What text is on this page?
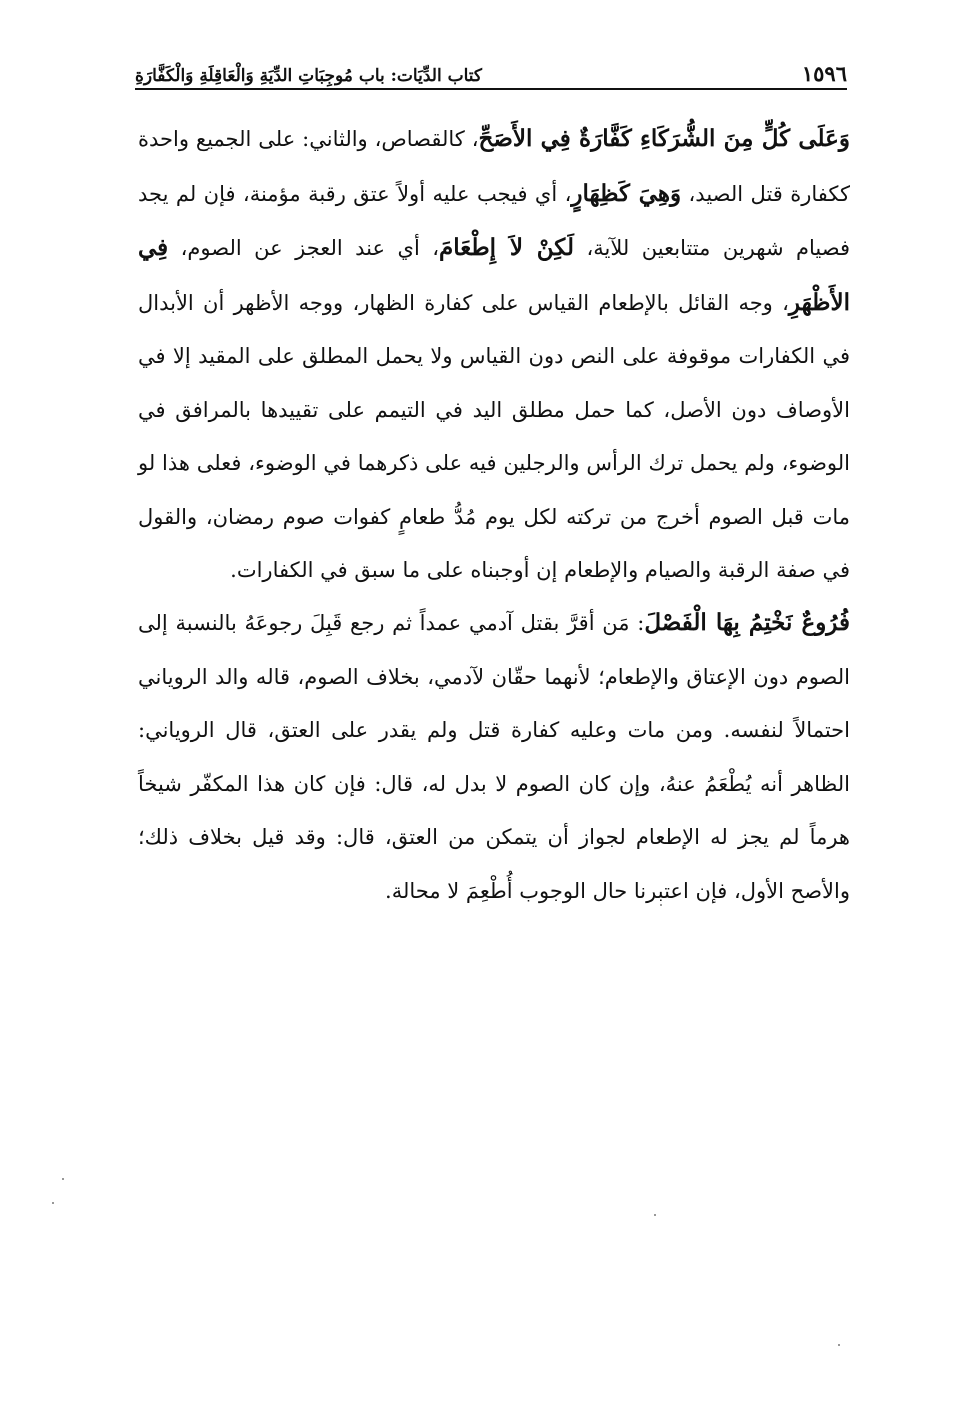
١٥٩٦
كتاب الدِّيَات: باب مُوجِبَاتِ الدِّيَةِ وَالْعَاقِلَةِ وَالْكَفَّارَةِ

وَعَلَى كُلٍّ مِنَ الشُّرَكَاءِ كَفَّارَةٌ فِي الأَصَحِّ، كالقصاص، والثاني: على الجميع واحدة ككفارة قتل الصيد، وَهِيَ كَظِهَارٍ، أي فيجب عليه أولاً عتق رقبة مؤمنة، فإن لم يجد فصيام شهرين متتابعين للآية، لَكِنْ لاَ إِطْعَامَ، أي عند العجز عن الصوم، فِي الأَظْهَرِ، وجه القائل بالإطعام القياس على كفارة الظهار، ووجه الأظهر أن الأبدال في الكفارات موقوفة على النص دون القياس ولا يحمل المطلق على المقيد إلا في الأوصاف دون الأصل، كما حمل مطلق اليد في التيمم على تقييدها بالمرافق في الوضوء، ولم يحمل ترك الرأس والرجلين فيه على ذكرهما في الوضوء، فعلى هذا لو مات قبل الصوم أخرج من تركته لكل يوم مُدُّ طعامٍ كفوات صوم رمضان، والقول في صفة الرقبة والصيام والإطعام إن أوجبناه على ما سبق في الكفارات.

فُرُوعٌ نَخْتِمُ بِهَا الْفَصْلَ: مَن أقرَّ بقتل آدمي عمداً ثم رجع قَبِلَ رجوعَهُ بالنسبة إلى الصوم دون الإعتاق والإطعام؛ لأنهما حقّان لآدمي، بخلاف الصوم، قاله والد الروياني احتمالاً لنفسه. ومن مات وعليه كفارة قتل ولم يقدر على العتق، قال الروياني: الظاهر أنه يُطْعَمُ عنهُ، وإن كان الصوم لا بدل له، قال: فإن كان هذا المكفّر شيخاً هرماً لم يجز له الإطعام لجواز أن يتمكن من العتق، قال: وقد قيل بخلاف ذلك؛ والأصح الأول، فإن اعتبرنا حال الوجوب أُطْعِمَ لا محالة.
